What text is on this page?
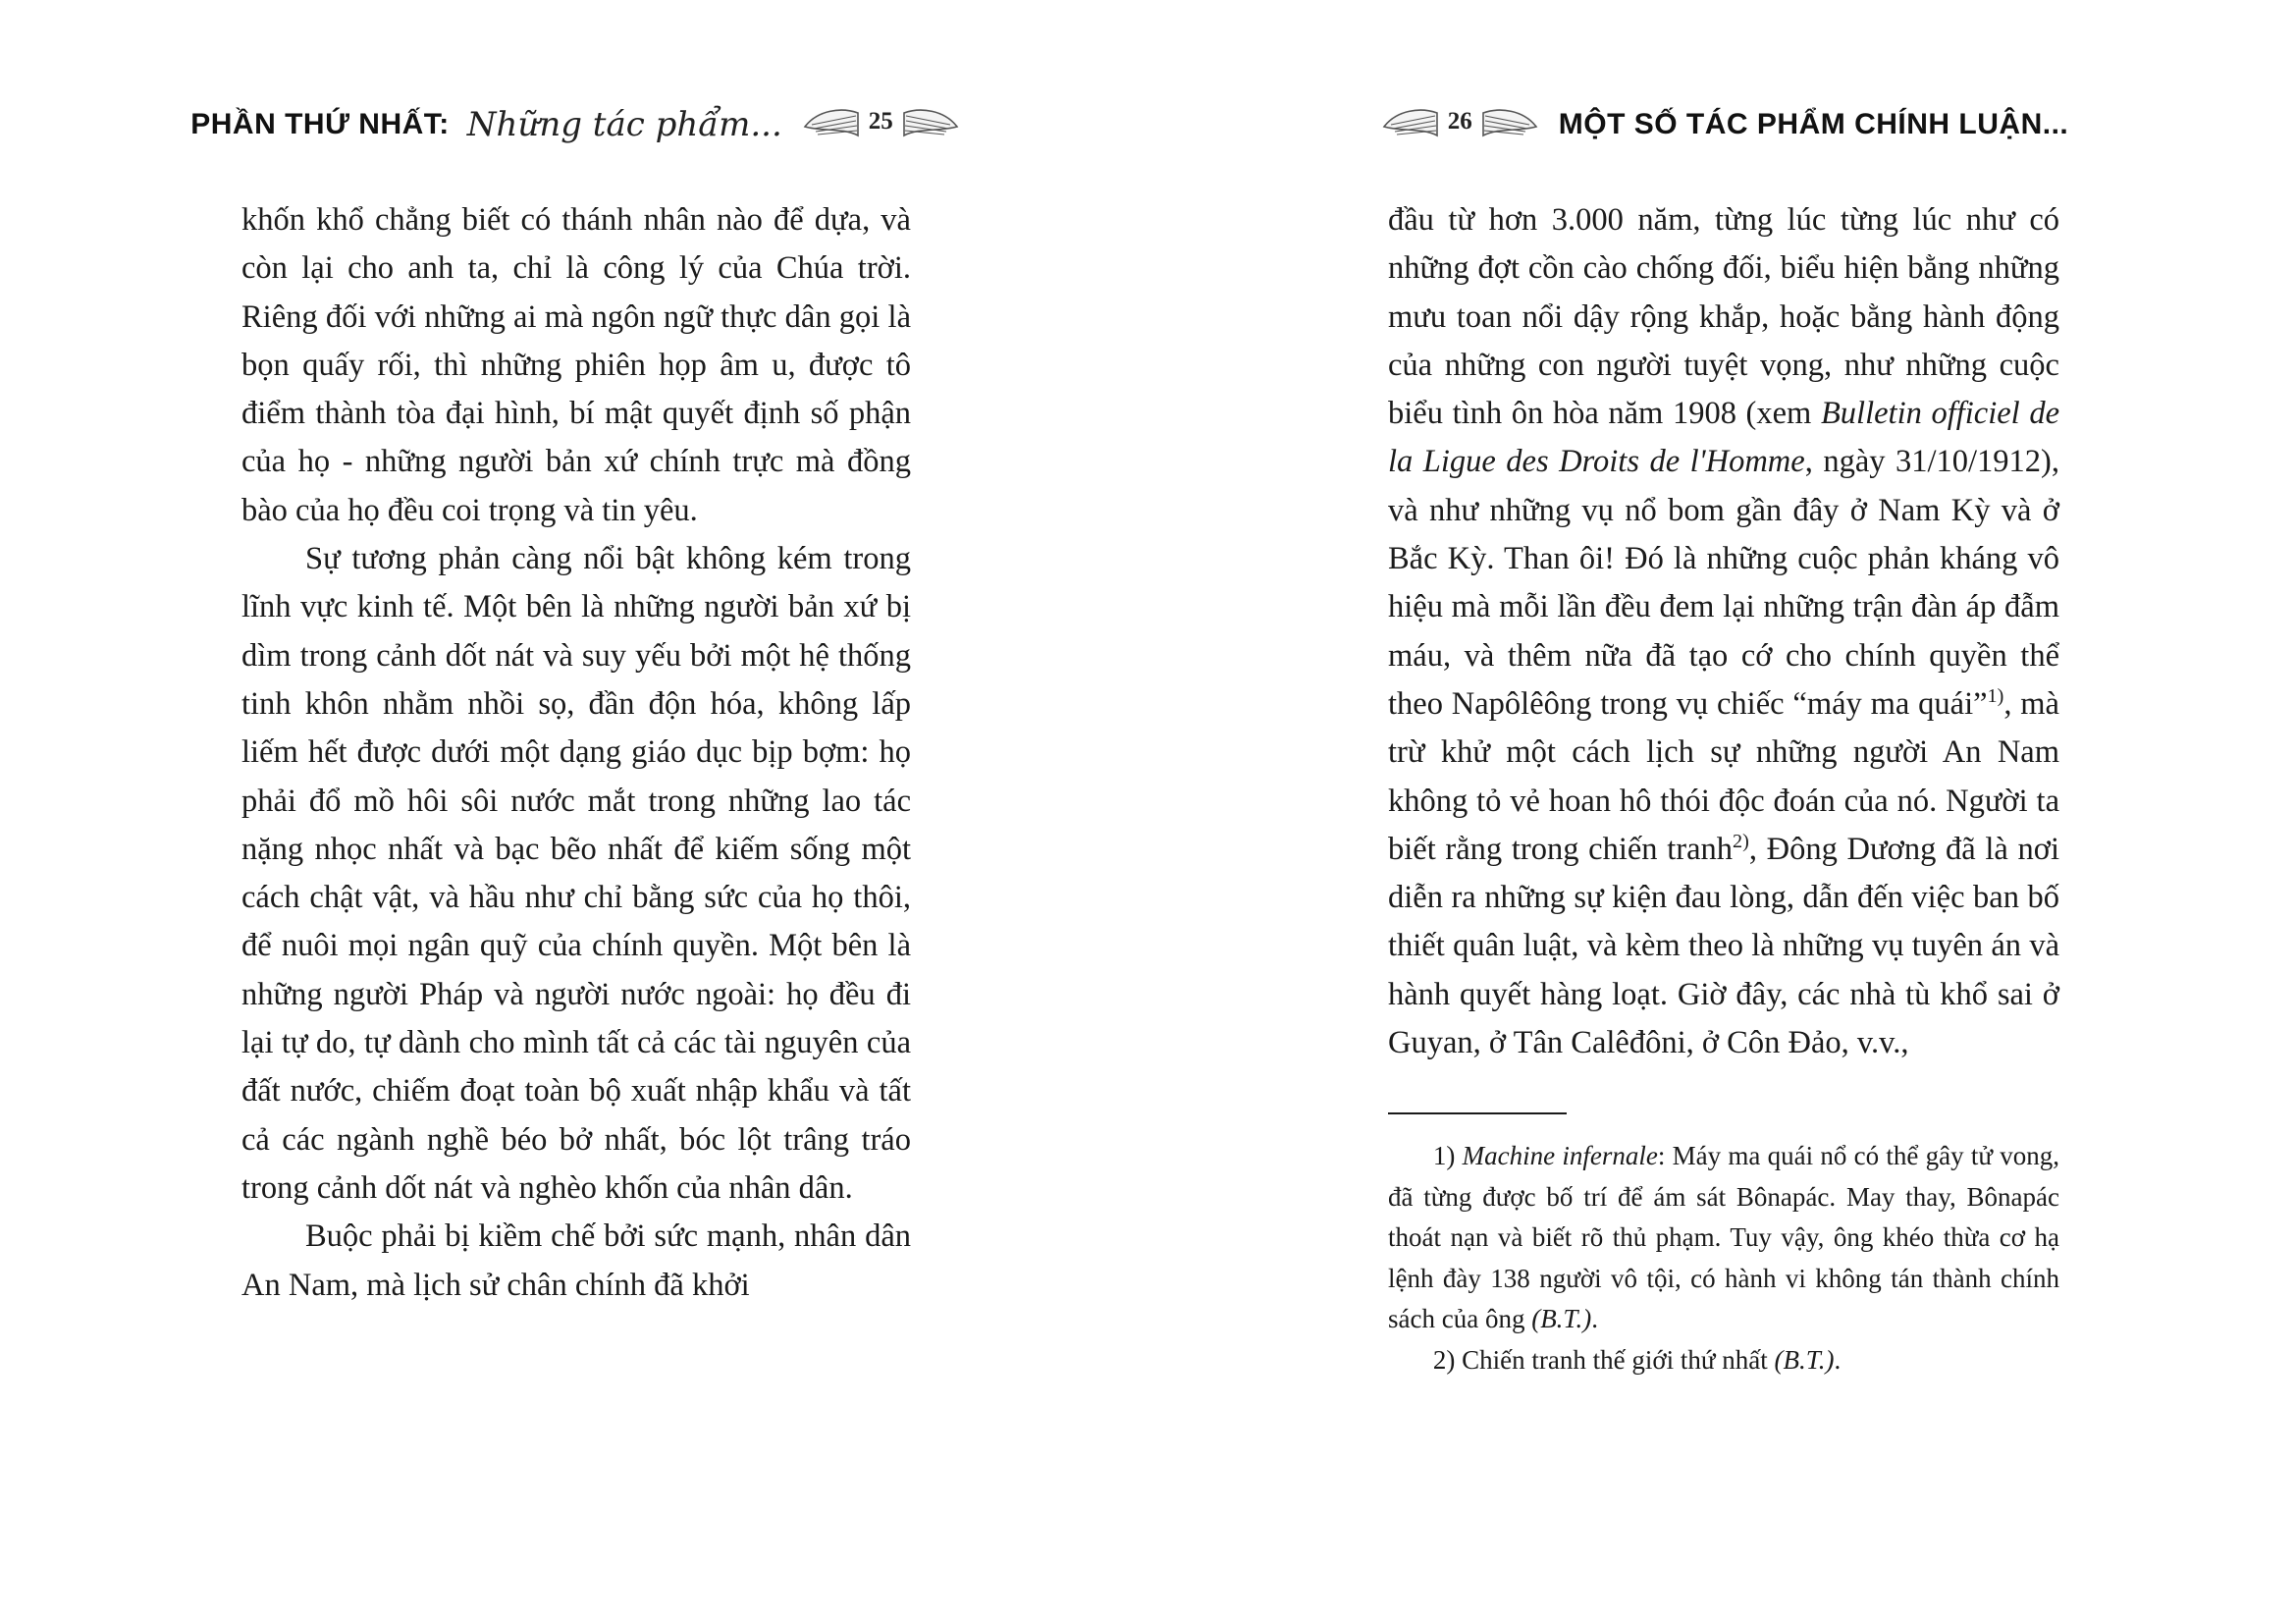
PHẦN THỨ NHẤT: Những tác phẩm...	25

khốn khổ chẳng biết có thánh nhân nào để dựa, và còn lại cho anh ta, chỉ là công lý của Chúa trời. Riêng đối với những ai mà ngôn ngữ thực dân gọi là bọn quấy rối, thì những phiên họp âm u, được tô điểm thành tòa đại hình, bí mật quyết định số phận của họ - những người bản xứ chính trực mà đồng bào của họ đều coi trọng và tin yêu.

Sự tương phản càng nổi bật không kém trong lĩnh vực kinh tế. Một bên là những người bản xứ bị dìm trong cảnh dốt nát và suy yếu bởi một hệ thống tinh khôn nhằm nhồi sọ, đần độn hóa, không lấp liếm hết được dưới một dạng giáo dục bịp bợm: họ phải đổ mồ hôi sôi nước mắt trong những lao tác nặng nhọc nhất và bạc bẽo nhất để kiếm sống một cách chật vật, và hầu như chỉ bằng sức của họ thôi, để nuôi mọi ngân quỹ của chính quyền. Một bên là những người Pháp và người nước ngoài: họ đều đi lại tự do, tự dành cho mình tất cả các tài nguyên của đất nước, chiếm đoạt toàn bộ xuất nhập khẩu và tất cả các ngành nghề béo bở nhất, bóc lột trâng tráo trong cảnh dốt nát và nghèo khốn của nhân dân.

Buộc phải bị kiềm chế bởi sức mạnh, nhân dân An Nam, mà lịch sử chân chính đã khởi

26	MỘT SỐ TÁC PHẨM CHÍNH LUẬN...

đầu từ hơn 3.000 năm, từng lúc từng lúc như có những đợt cồn cào chống đối, biểu hiện bằng những mưu toan nổi dậy rộng khắp, hoặc bằng hành động của những con người tuyệt vọng, như những cuộc biểu tình ôn hòa năm 1908 (xem Bulletin officiel de la Ligue des Droits de l'Homme, ngày 31/10/1912), và như những vụ nổ bom gần đây ở Nam Kỳ và ở Bắc Kỳ. Than ôi! Đó là những cuộc phản kháng vô hiệu mà mỗi lần đều đem lại những trận đàn áp đẫm máu, và thêm nữa đã tạo cớ cho chính quyền thể theo Napôlêông trong vụ chiếc “máy ma quái”$^{1)}$, mà trừ khử một cách lịch sự những người An Nam không tỏ vẻ hoan hô thói độc đoán của nó. Người ta biết rằng trong chiến tranh$^{2)}$, Đông Dương đã là nơi diễn ra những sự kiện đau lòng, dẫn đến việc ban bố thiết quân luật, và kèm theo là những vụ tuyên án và hành quyết hàng loạt. Giờ đây, các nhà tù khổ sai ở Guyan, ở Tân Calêđôni, ở Côn Đảo, v.v.,

1) Machine infernale: Máy ma quái nổ có thể gây tử vong, đã từng được bố trí để ám sát Bônapác. May thay, Bônapác thoát nạn và biết rõ thủ phạm. Tuy vậy, ông khéo thừa cơ hạ lệnh đày 138 người vô tội, có hành vi không tán thành chính sách của ông (B.T.).

2) Chiến tranh thế giới thứ nhất (B.T.).
